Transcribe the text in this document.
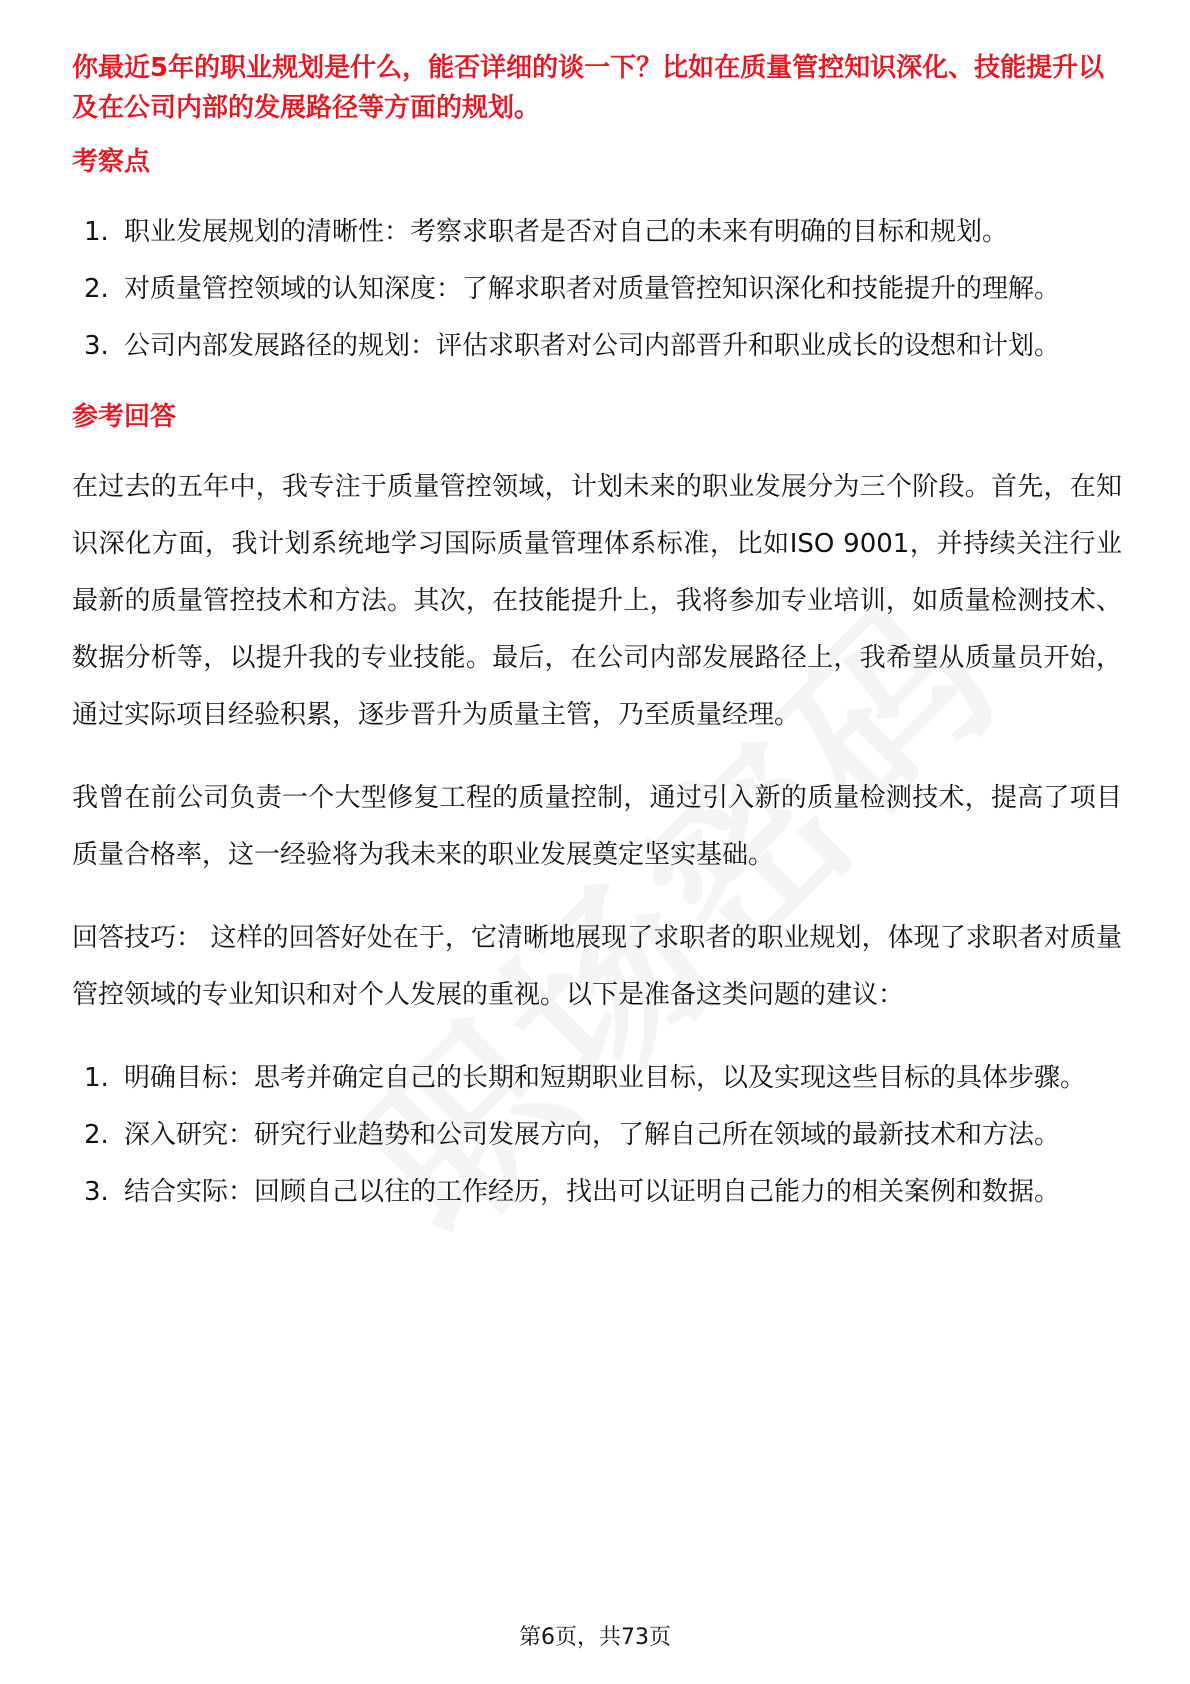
你最近5年的职业规划是什么，能否详细的谈一下？比如在质量管控知识深化、技能提升以及在公司内部的发展路径等方面的规划。
考察点
1. 职业发展规划的清晰性：考察求职者是否对自己的未来有明确的目标和规划。
2. 对质量管控领域的认知深度：了解求职者对质量管控知识深化和技能提升的理解。
3. 公司内部发展路径的规划：评估求职者对公司内部晋升和职业成长的设想和计划。
参考回答

在过去的五年中，我专注于质量管控领域，计划未来的职业发展分为三个阶段。首先，在知识深化方面，我计划系统地学习国际质量管理体系标准，比如ISO 9001，并持续关注行业最新的质量管控技术和方法。其次，在技能提升上，我将参加专业培训，如质量检测技术、数据分析等，以提升我的专业技能。最后，在公司内部发展路径上，我希望从质量员开始，通过实际项目经验积累，逐步晋升为质量主管，乃至质量经理。

我曾在前公司负责一个大型修复工程的质量控制，通过引入新的质量检测技术，提高了项目质量合格率，这一经验将为我未来的职业发展奠定坚实基础。

回答技巧： 这样的回答好处在于，它清晰地展现了求职者的职业规划，体现了求职者对质量管控领域的专业知识和对个人发展的重视。以下是准备这类问题的建议：

1. 明确目标：思考并确定自己的长期和短期职业目标，以及实现这些目标的具体步骤。
2. 深入研究：研究行业趋势和公司发展方向，了解自己所在领域的最新技术和方法。
3. 结合实际：回顾自己以往的工作经历，找出可以证明自己能力的相关案例和数据。
第6页，共73页
